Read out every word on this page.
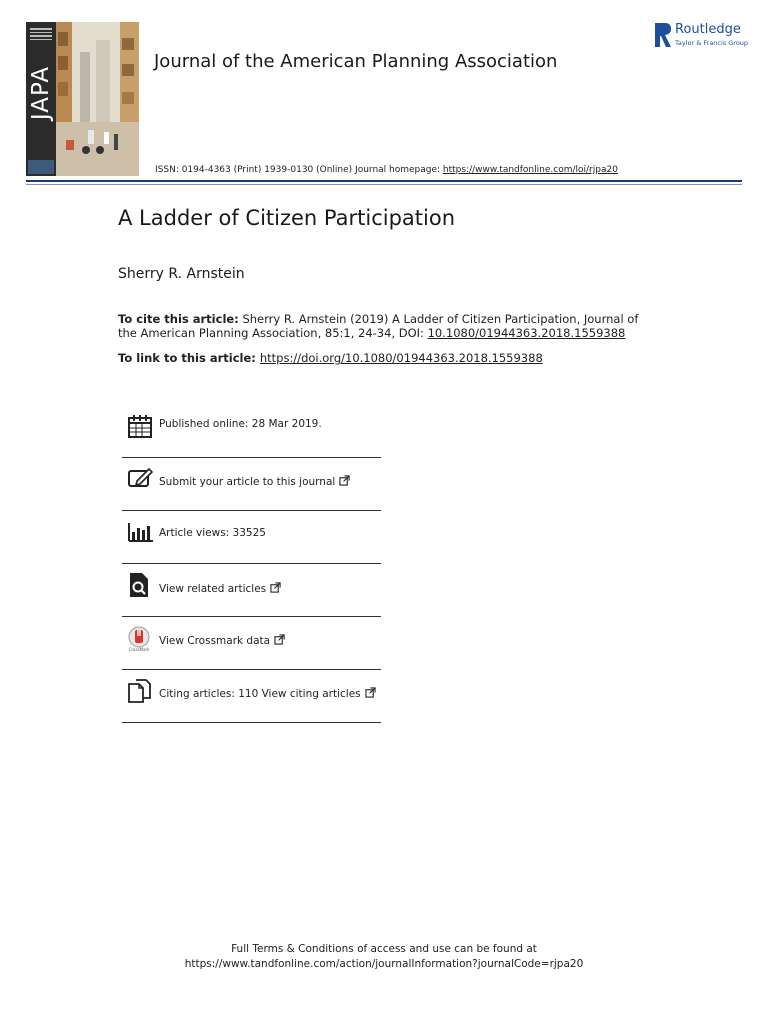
JAPA
Journal of the American Planning Association
ISSN: 0194-4363 (Print) 1939-0130 (Online) Journal homepage: https://www.tandfonline.com/loi/rjpa20
Routledge
Taylor & Francis Group
A Ladder of Citizen Participation
Sherry R. Arnstein
To cite this article: Sherry R. Arnstein (2019) A Ladder of Citizen Participation, Journal of the American Planning Association, 85:1, 24-34, DOI: 10.1080/01944363.2018.1559388
To link to this article: https://doi.org/10.1080/01944363.2018.1559388
Published online: 28 Mar 2019.
Submit your article to this journal
Article views: 33525
View related articles
CrossMark
View Crossmark data
Citing articles: 110 View citing articles
Full Terms & Conditions of access and use can be found at
https://www.tandfonline.com/action/journalInformation?journalCode=rjpa20
